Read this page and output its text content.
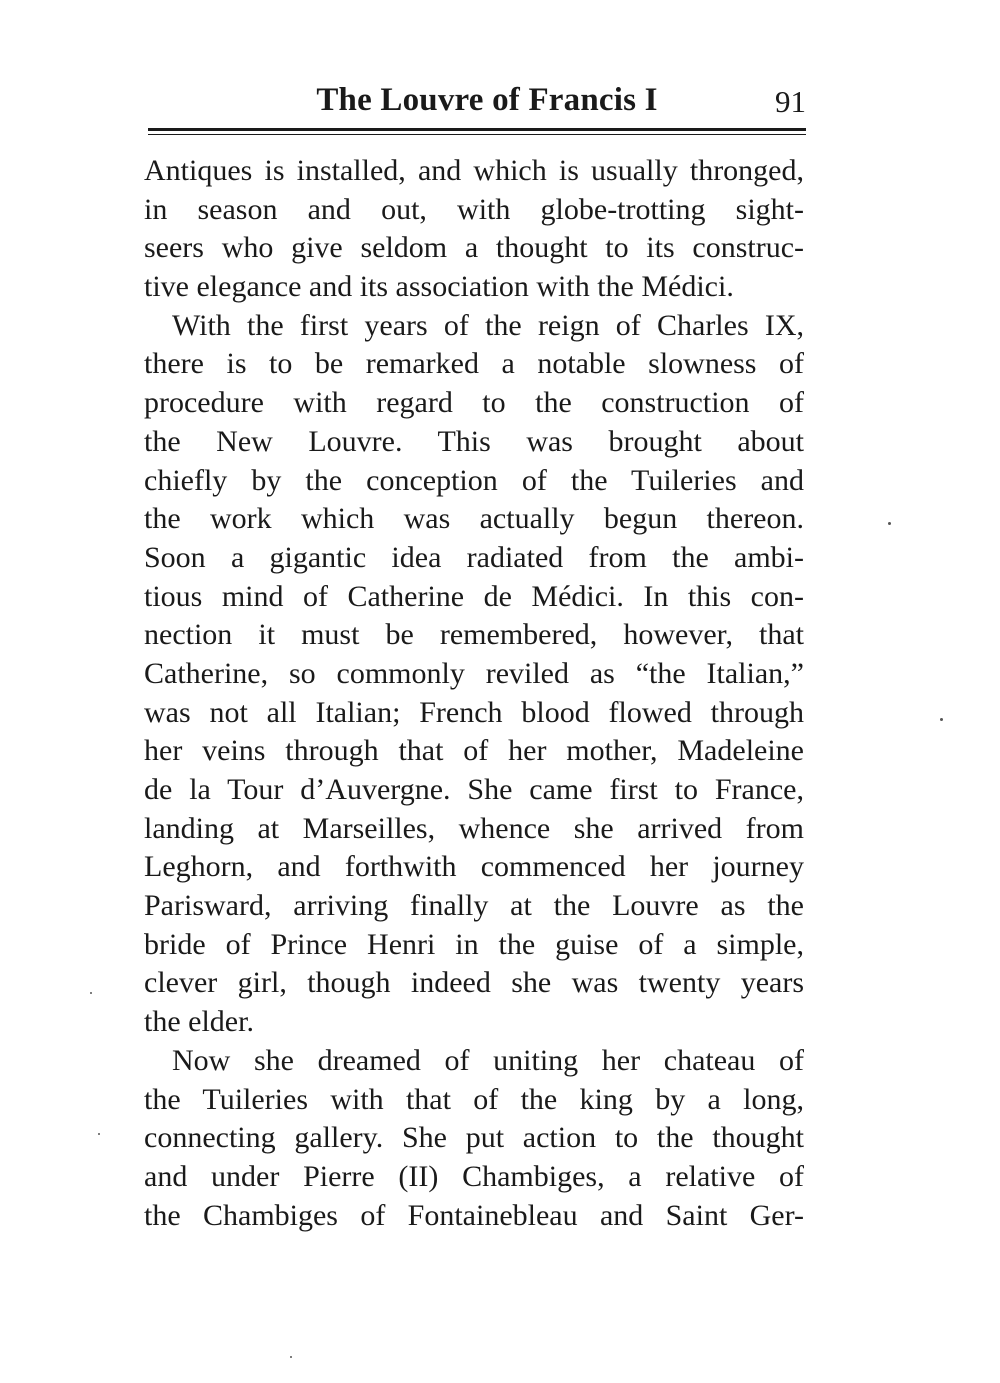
The Louvre of Francis I	91
Antiques is installed, and which is usually thronged,
in season and out, with globe-trotting sight-
seers who give seldom a thought to its construc-
tive elegance and its association with the Médici.
With the first years of the reign of Charles IX,
there is to be remarked a notable slowness of
procedure with regard to the construction of
the New Louvre. This was brought about
chiefly by the conception of the Tuileries and
the work which was actually begun thereon.
Soon a gigantic idea radiated from the ambi-
tious mind of Catherine de Médici. In this con-
nection it must be remembered, however, that
Catherine, so commonly reviled as “the Italian,”
was not all Italian; French blood flowed through
her veins through that of her mother, Madeleine
de la Tour d’Auvergne. She came first to France,
landing at Marseilles, whence she arrived from
Leghorn, and forthwith commenced her journey
Parisward, arriving finally at the Louvre as the
bride of Prince Henri in the guise of a simple,
clever girl, though indeed she was twenty years
the elder.
Now she dreamed of uniting her chateau of
the Tuileries with that of the king by a long,
connecting gallery. She put action to the thought
and under Pierre (II) Chambiges, a relative of
the Chambiges of Fontainebleau and Saint Ger-
